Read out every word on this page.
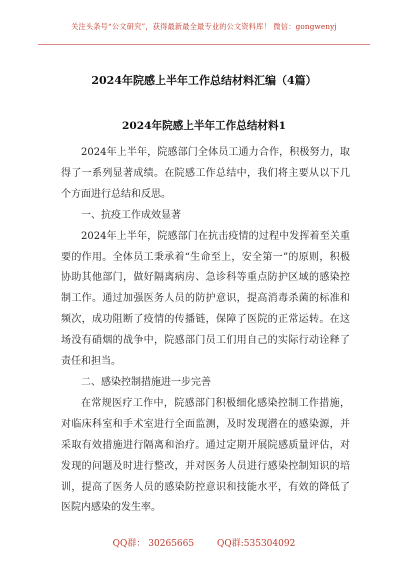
关注头条号“公文研究”，获得最新最全最专业的公文资料库！ 微信：gongwenyj
2024年院感上半年工作总结材料汇编（4篇）
2024年院感上半年工作总结材料1

2024年上半年，院感部门全体员工通力合作，积极努力，取得了一系列显著成绩。在院感工作总结中，我们将主要从以下几个方面进行总结和反思。

一、抗疫工作成效显著

2024年上半年，院感部门在抗击疫情的过程中发挥着至关重要的作用。全体员工秉承着“生命至上，安全第一”的原则，积极协助其他部门，做好隔离病房、急诊科等重点防护区域的感染控制工作。通过加强医务人员的防护意识，提高消毒杀菌的标准和频次，成功阻断了疫情的传播链，保障了医院的正常运转。在这场没有硝烟的战争中，院感部门员工们用自己的实际行动诠释了责任和担当。

二、感染控制措施进一步完善

在常规医疗工作中，院感部门积极细化感染控制工作措施，对临床科室和手术室进行全面监测，及时发现潜在的感染源，并采取有效措施进行隔离和治疗。通过定期开展院感质量评估，对发现的问题及时进行整改，并对医务人员进行感染控制知识的培训，提高了医务人员的感染防控意识和技能水平，有效的降低了医院内感染的发生率。

QQ群： 30265665	QQ群:535304092
